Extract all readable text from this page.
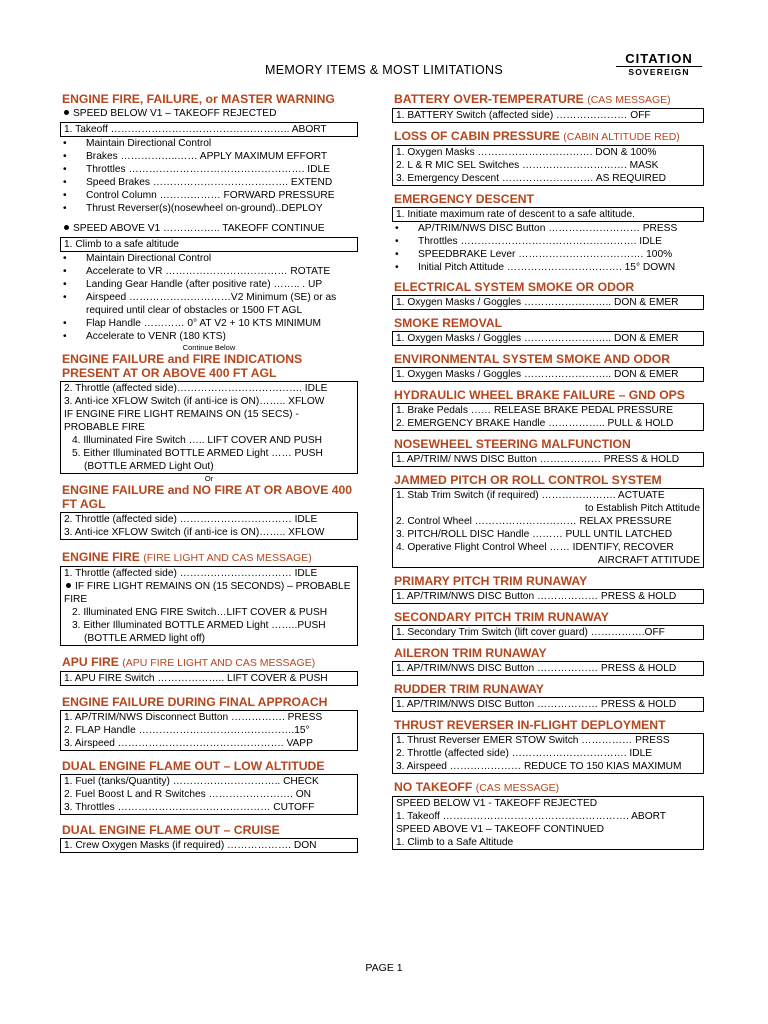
MEMORY ITEMS & MOST LIMITATIONS
CITATION
SOVEREIGN
ENGINE FIRE, FAILURE, or MASTER WARNING
SPEED BELOW V1 – TAKEOFF REJECTED
1. Takeoff …………………………………………….. ABORT
• Maintain Directional Control
• Brakes ……………..…… APPLY MAXIMUM EFFORT
• Throttles ……………………………………………. IDLE
• Speed Brakes …………………………………. EXTEND
• Control Column ……………… FORWARD PRESSURE
• Thrust Reverser(s)(nosewheel on-ground)..DEPLOY
SPEED ABOVE V1 …………….. TAKEOFF CONTINUE
1. Climb to a safe altitude
• Maintain Directional Control
• Accelerate to VR ……………………………… ROTATE
• Landing Gear Handle (after positive rate) …….. . UP
• Airspeed …………………………V2 Minimum (SE) or as required until clear of obstacles or 1500 FT AGL
• Flap Handle ………… 0° AT V2 + 10 KTS MINIMUM
• Accelerate to VENR (180 KTS)
Continue Below
ENGINE FAILURE and FIRE INDICATIONS PRESENT AT OR ABOVE 400 FT AGL
2. Throttle (affected side)………………………………. IDLE
3. Anti-ice XFLOW Switch (if anti-ice is ON)…….. XFLOW
IF ENGINE FIRE LIGHT REMAINS ON (15 SECS) - PROBABLE FIRE
4. Illuminated Fire Switch ….. LIFT COVER AND PUSH
5. Either Illuminated BOTTLE ARMED Light …… PUSH
(BOTTLE ARMED Light Out)
Or
ENGINE FAILURE and NO FIRE AT OR ABOVE 400 FT AGL
2. Throttle (affected side) …………………………… IDLE
3. Anti-ice XFLOW Switch (if anti-ice is ON)…….. XFLOW
ENGINE FIRE (FIRE LIGHT AND CAS MESSAGE)
1. Throttle (affected side) …………………………… IDLE
IF FIRE LIGHT REMAINS ON (15 SECONDS) – PROBABLE FIRE
2. Illuminated ENG FIRE Switch…LIFT COVER & PUSH
3. Either Illuminated BOTTLE ARMED Light ……..PUSH
(BOTTLE ARMED light off)
APU FIRE (APU FIRE LIGHT AND CAS MESSAGE)
1. APU FIRE Switch ……………….. LIFT COVER & PUSH
ENGINE FAILURE DURING FINAL APPROACH
1. AP/TRIM/NWS Disconnect Button ……………. PRESS
2. FLAP Handle ……………………………………….15°
3. Airspeed …………………………………………. VAPP
DUAL ENGINE FLAME OUT – LOW ALTITUDE
1. Fuel (tanks/Quantity) ………………………….. CHECK
2. Fuel Boost L and R Switches ……………………. ON
3. Throttles ……………………………………… CUTOFF
DUAL ENGINE FLAME OUT – CRUISE
1. Crew Oxygen Masks (if required) ………………. DON
BATTERY OVER-TEMPERATURE (CAS MESSAGE)
1. BATTERY Switch (affected side) ………………… OFF
LOSS OF CABIN PRESSURE (CABIN ALTITUDE RED)
1. Oxygen Masks ……………………………. DON & 100%
2. L & R MIC SEL Switches …………………………. MASK
3. Emergency Descent ……………………… AS REQUIRED
EMERGENCY DESCENT
1. Initiate maximum rate of descent to a safe altitude.
• AP/TRIM/NWS DISC Button ……………………… PRESS
• Throttles ……………………………………………. IDLE
• SPEEDBRAKE Lever ………………………………. 100%
• Initial Pitch Attitude ……………………………. 15° DOWN
ELECTRICAL SYSTEM SMOKE OR ODOR
1. Oxygen Masks / Goggles …………………….. DON & EMER
SMOKE REMOVAL
1. Oxygen Masks / Goggles …………………….. DON & EMER
ENVIRONMENTAL SYSTEM SMOKE AND ODOR
1. Oxygen Masks / Goggles …………………….. DON & EMER
HYDRAULIC WHEEL BRAKE FAILURE – GND OPS
1. Brake Pedals …… RELEASE BRAKE PEDAL PRESSURE
2. EMERGENCY BRAKE Handle …………….. PULL & HOLD
NOSEWHEEL STEERING MALFUNCTION
1. AP/TRIM/ NWS DISC Button ……………… PRESS & HOLD
JAMMED PITCH OR ROLL CONTROL SYSTEM
1. Stab Trim Switch (if required) …………………. ACTUATE
to Establish Pitch Attitude
2. Control Wheel ………………………… RELAX PRESSURE
3. PITCH/ROLL DISC Handle ……… PULL UNTIL LATCHED
4. Operative Flight Control Wheel …… IDENTIFY, RECOVER
AIRCRAFT ATTITUDE
PRIMARY PITCH TRIM RUNAWAY
1. AP/TRIM/NWS DISC Button ……………… PRESS & HOLD
SECONDARY PITCH TRIM RUNAWAY
1. Secondary Trim Switch (lift cover guard) …………….OFF
AILERON TRIM RUNAWAY
1. AP/TRIM/NWS DISC Button ……………… PRESS & HOLD
RUDDER TRIM RUNAWAY
1. AP/TRIM/NWS DISC Button ……………… PRESS & HOLD
THRUST REVERSER IN-FLIGHT DEPLOYMENT
1. Thrust Reverser EMER STOW Switch …………… PRESS
2. Throttle (affected side) ……………………………. IDLE
3. Airspeed ………………… REDUCE TO 150 KIAS MAXIMUM
NO TAKEOFF (CAS MESSAGE)
SPEED BELOW V1 - TAKEOFF REJECTED
1. Takeoff ………………………………………………. ABORT
SPEED ABOVE V1 – TAKEOFF CONTINUED
1. Climb to a Safe Altitude
PAGE 1
